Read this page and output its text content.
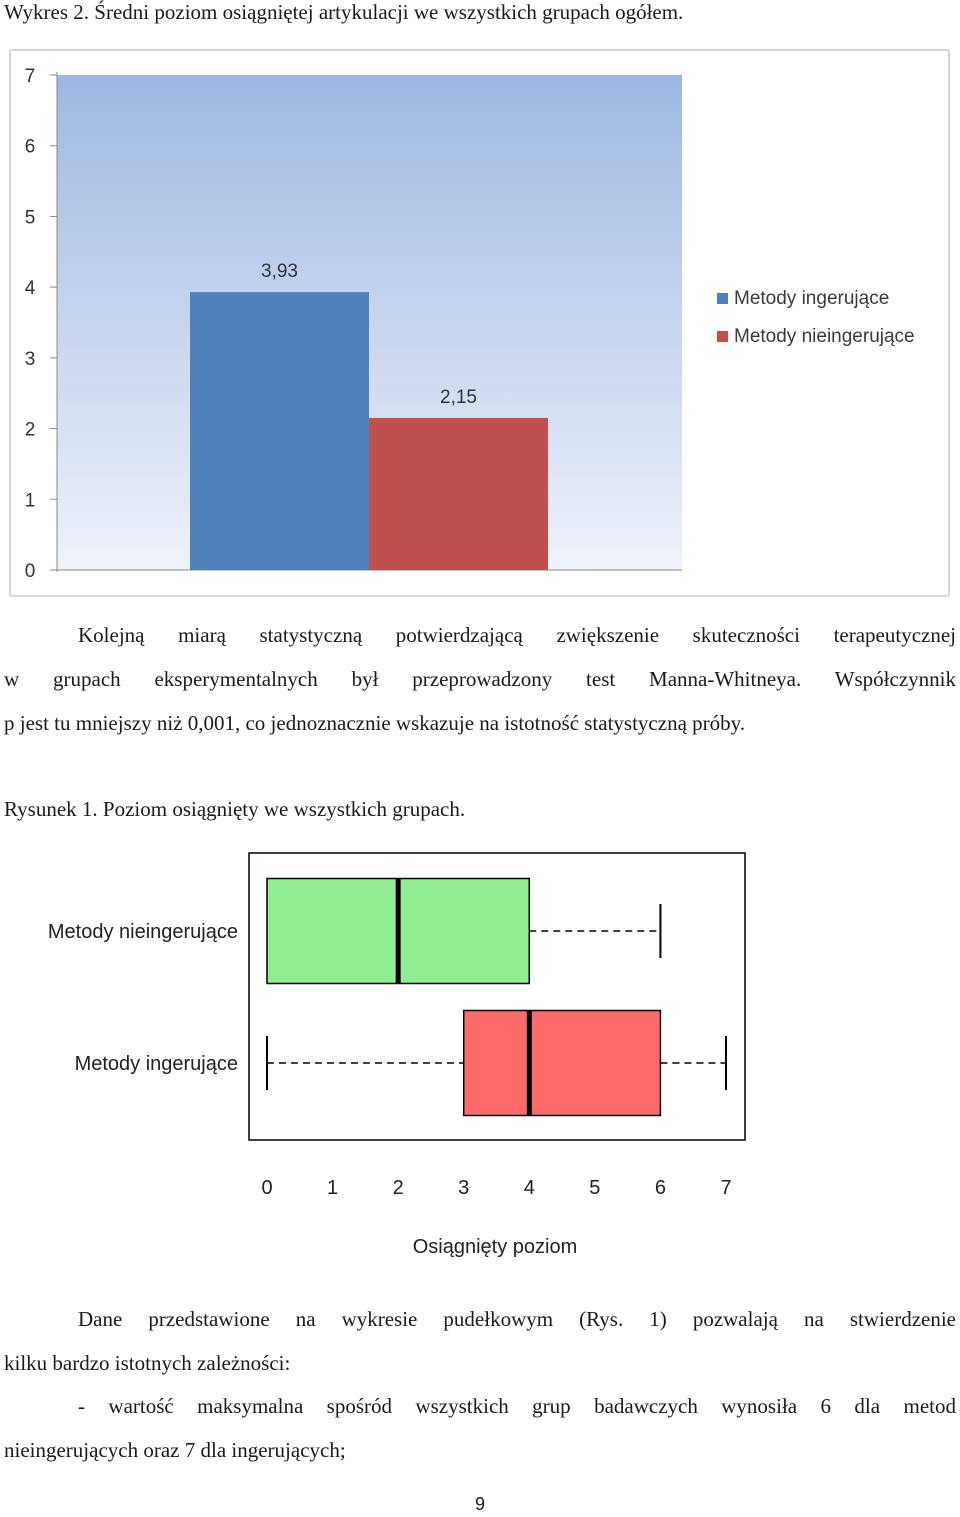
Wykres 2. Średni poziom osiągniętej artykulacji we wszystkich grupach ogółem.
0
1
2
3
4
5
6
7
3,93
2,15
Metody ingerujące
Metody nieingerujące
Kolejną miarą statystyczną potwierdzającą zwiększenie skuteczności terapeutycznej
w grupach eksperymentalnych był przeprowadzony test Manna-Whitneya. Współczynnik
p jest tu mniejszy niż 0,001, co jednoznacznie wskazuje na istotność statystyczną próby.
Rysunek 1. Poziom osiągnięty we wszystkich grupach.
Metody nieingerujące
Metody ingerujące
0	1	2	3	4	5	6	7
Osiągnięty poziom
Dane przedstawione na wykresie pudełkowym (Rys. 1) pozwalają na stwierdzenie
kilku bardzo istotnych zależności:
- wartość maksymalna spośród wszystkich grup badawczych wynosiła 6 dla metod
nieingerujących oraz 7 dla ingerujących;
9
